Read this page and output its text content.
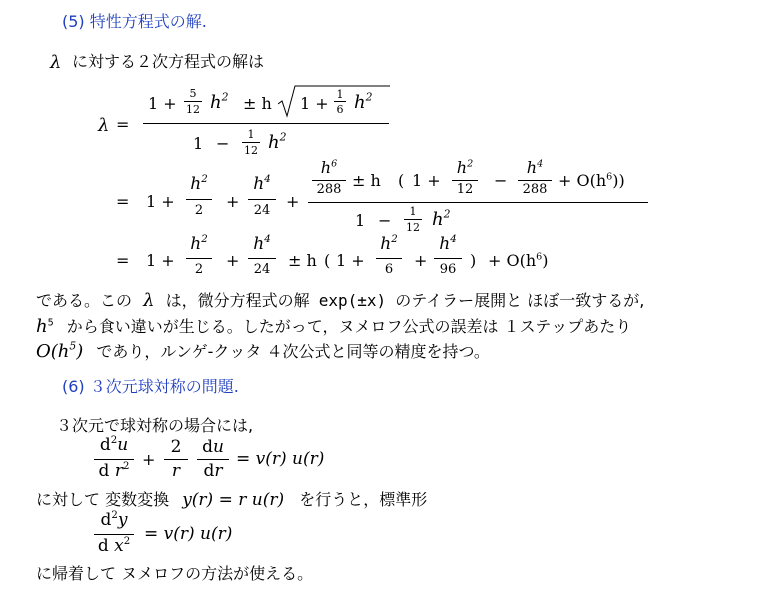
(5) 特性方程式の解.
λ に対する２次方程式の解は
λ =
1 +
5
12 $h^2 \pm h$ 1 + 1
6 $h^2$
1 −	1
12 $h^2$
= 1 +
$h^2$
2	+
$h^4$
24 +
$h^6$
288 ± h ( 1 +
$h^2$
12 −
$h^4$
$288 + O(h^6)$)
1 −	1
12 $h^2$
= 1 +
$h^2$
2	+
$h^4$
24	± h ( 1 +
$h^2$
6	+
$h^4$
96 ) + $O(h^6)$
である。この λ は，微分方程式の解 exp(±x) のテイラー展開と ほぼ一致するが,
$h^5$ から食い違いが生じる。したがって，ヌメロフ公式の誤差は １ステップあたり
$O(h^5)$ であり，ルンゲ-クッタ ４次公式と同等の精度を持つ。
(6) ３次元球対称の問題.
３次元で球対称の場合には,
$d^2u$
d $r^2$ +
2
r
du
dr
= v(r) u(r)
に対して 変数変換 y(r) = r u(r) を行うと，標準形
$d^2y$
d $x^2 = v(r)$ u(r)
に帰着して ヌメロフの方法が使える。
